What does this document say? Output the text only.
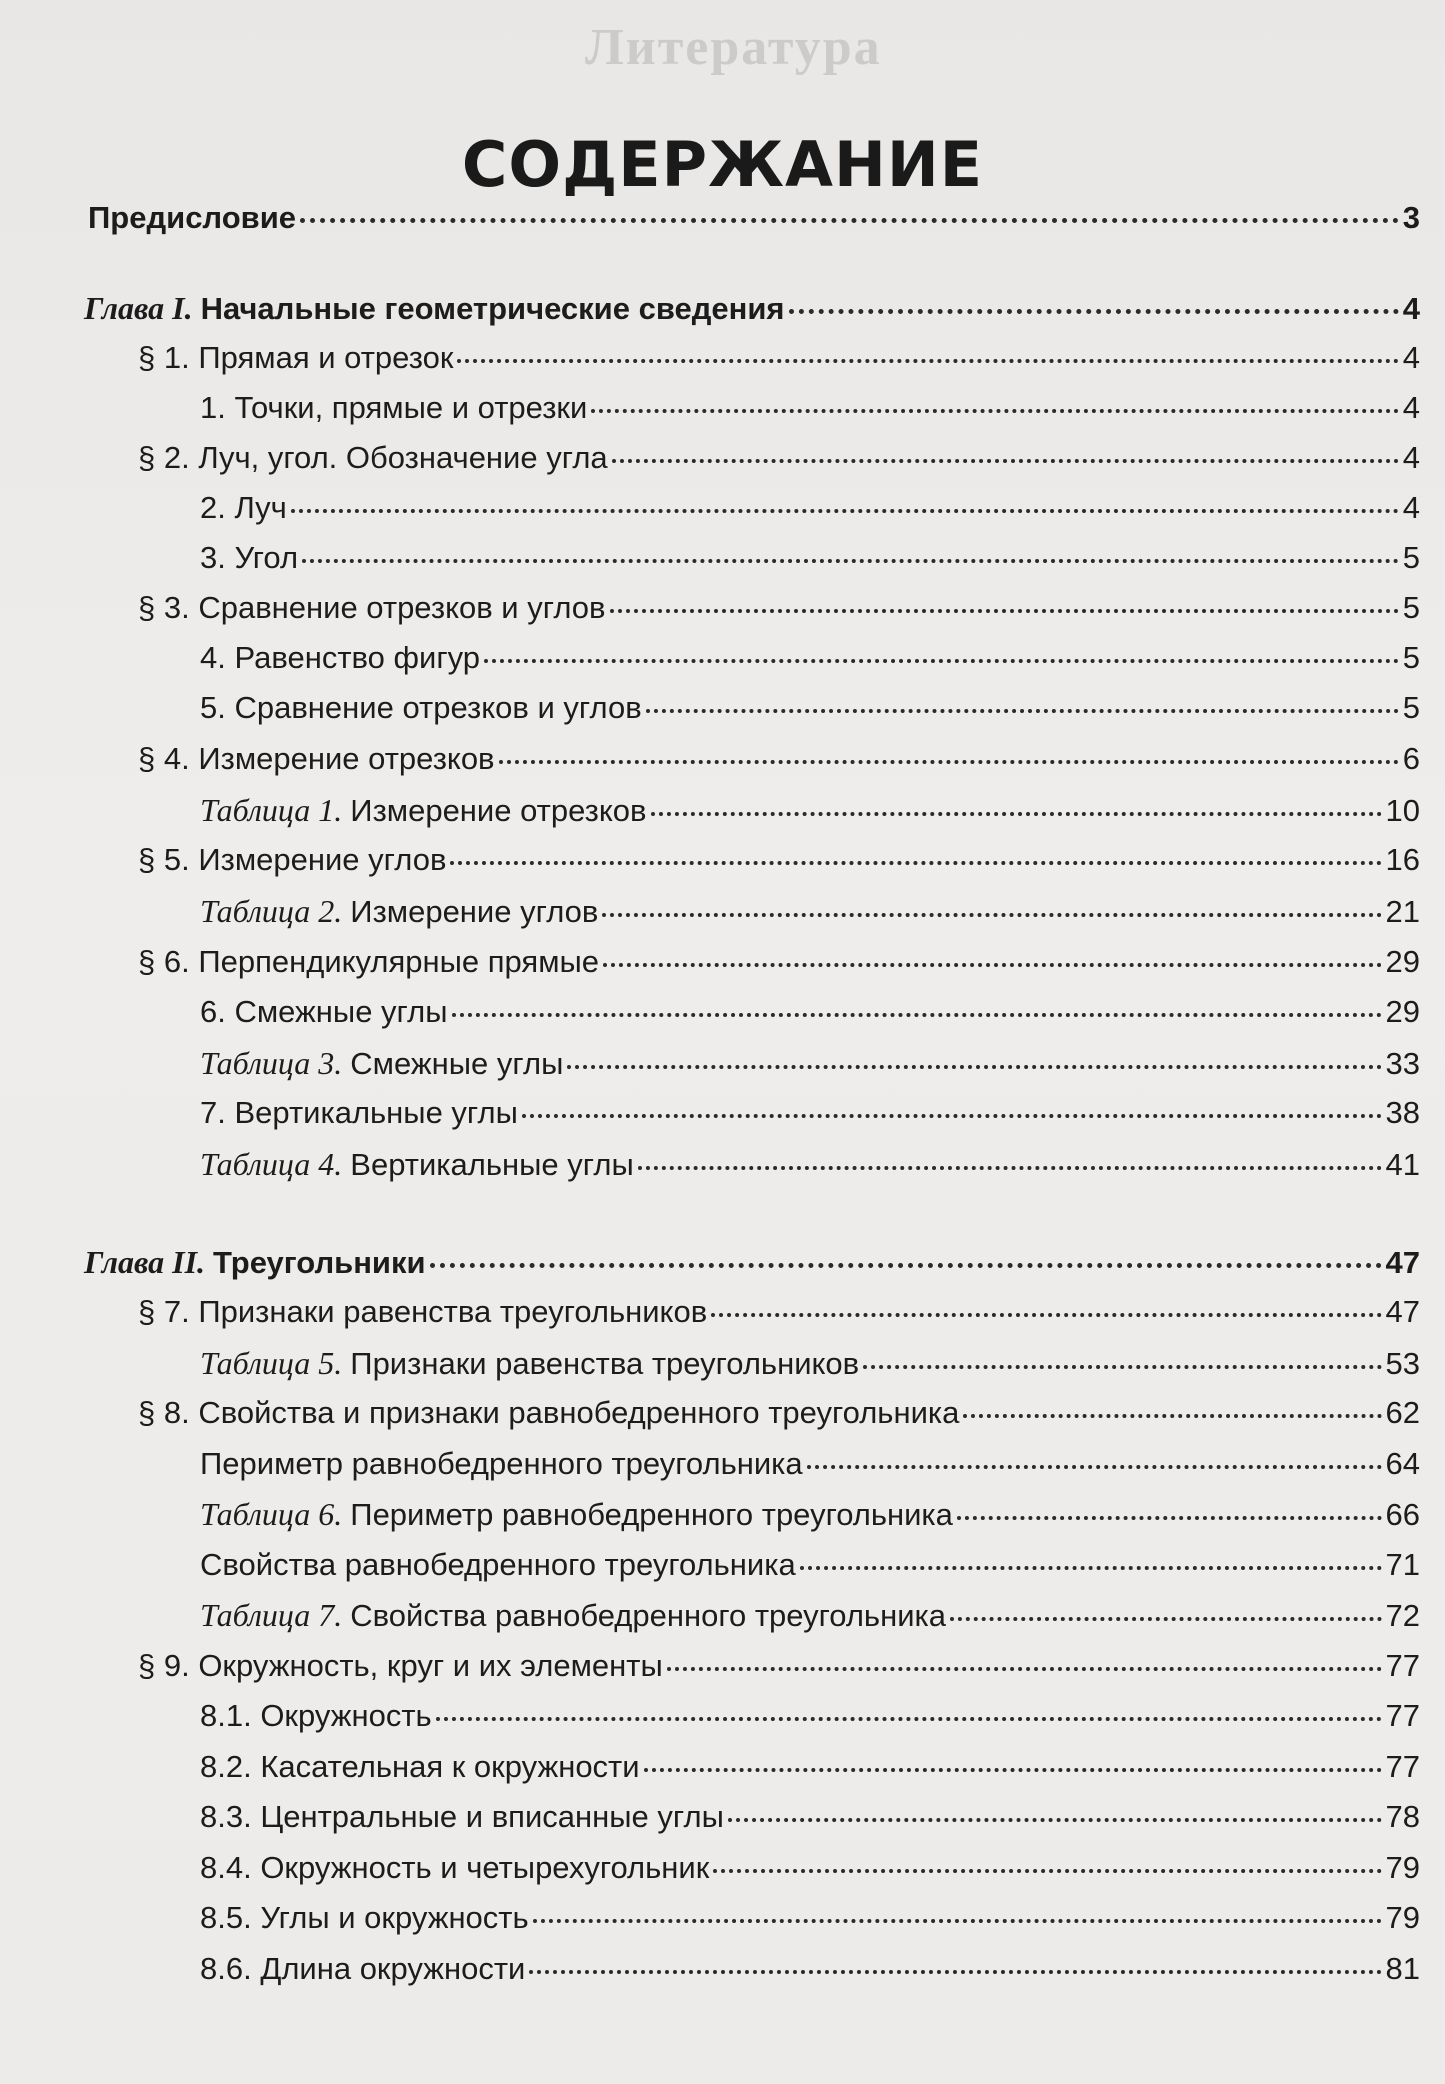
Литература
СОДЕРЖАНИЕ
Предисловие	3
Глава I. Начальные геометрические сведения	4
§ 1. Прямая и отрезок	4
1. Точки, прямые и отрезки	4
§ 2. Луч, угол. Обозначение угла	4
2. Луч	4
3. Угол	5
§ 3. Сравнение отрезков и углов	5
4. Равенство фигур	5
5. Сравнение отрезков и углов	5
§ 4. Измерение отрезков	6
Таблица 1. Измерение отрезков	10
§ 5. Измерение углов	16
Таблица 2. Измерение углов	21
§ 6. Перпендикулярные прямые	29
6. Смежные углы	29
Таблица 3. Смежные углы	33
7. Вертикальные углы	38
Таблица 4. Вертикальные углы	41
Глава II. Треугольники	47
§ 7. Признаки равенства треугольников	47
Таблица 5. Признаки равенства треугольников	53
§ 8. Свойства и признаки равнобедренного треугольника	62
Периметр равнобедренного треугольника	64
Таблица 6. Периметр равнобедренного треугольника	66
Свойства равнобедренного треугольника	71
Таблица 7. Свойства равнобедренного треугольника	72
§ 9. Окружность, круг и их элементы	77
8.1. Окружность	77
8.2. Касательная к окружности	77
8.3. Центральные и вписанные углы	78
8.4. Окружность и четырехугольник	79
8.5. Углы и окружность	79
8.6. Длина окружности	81
